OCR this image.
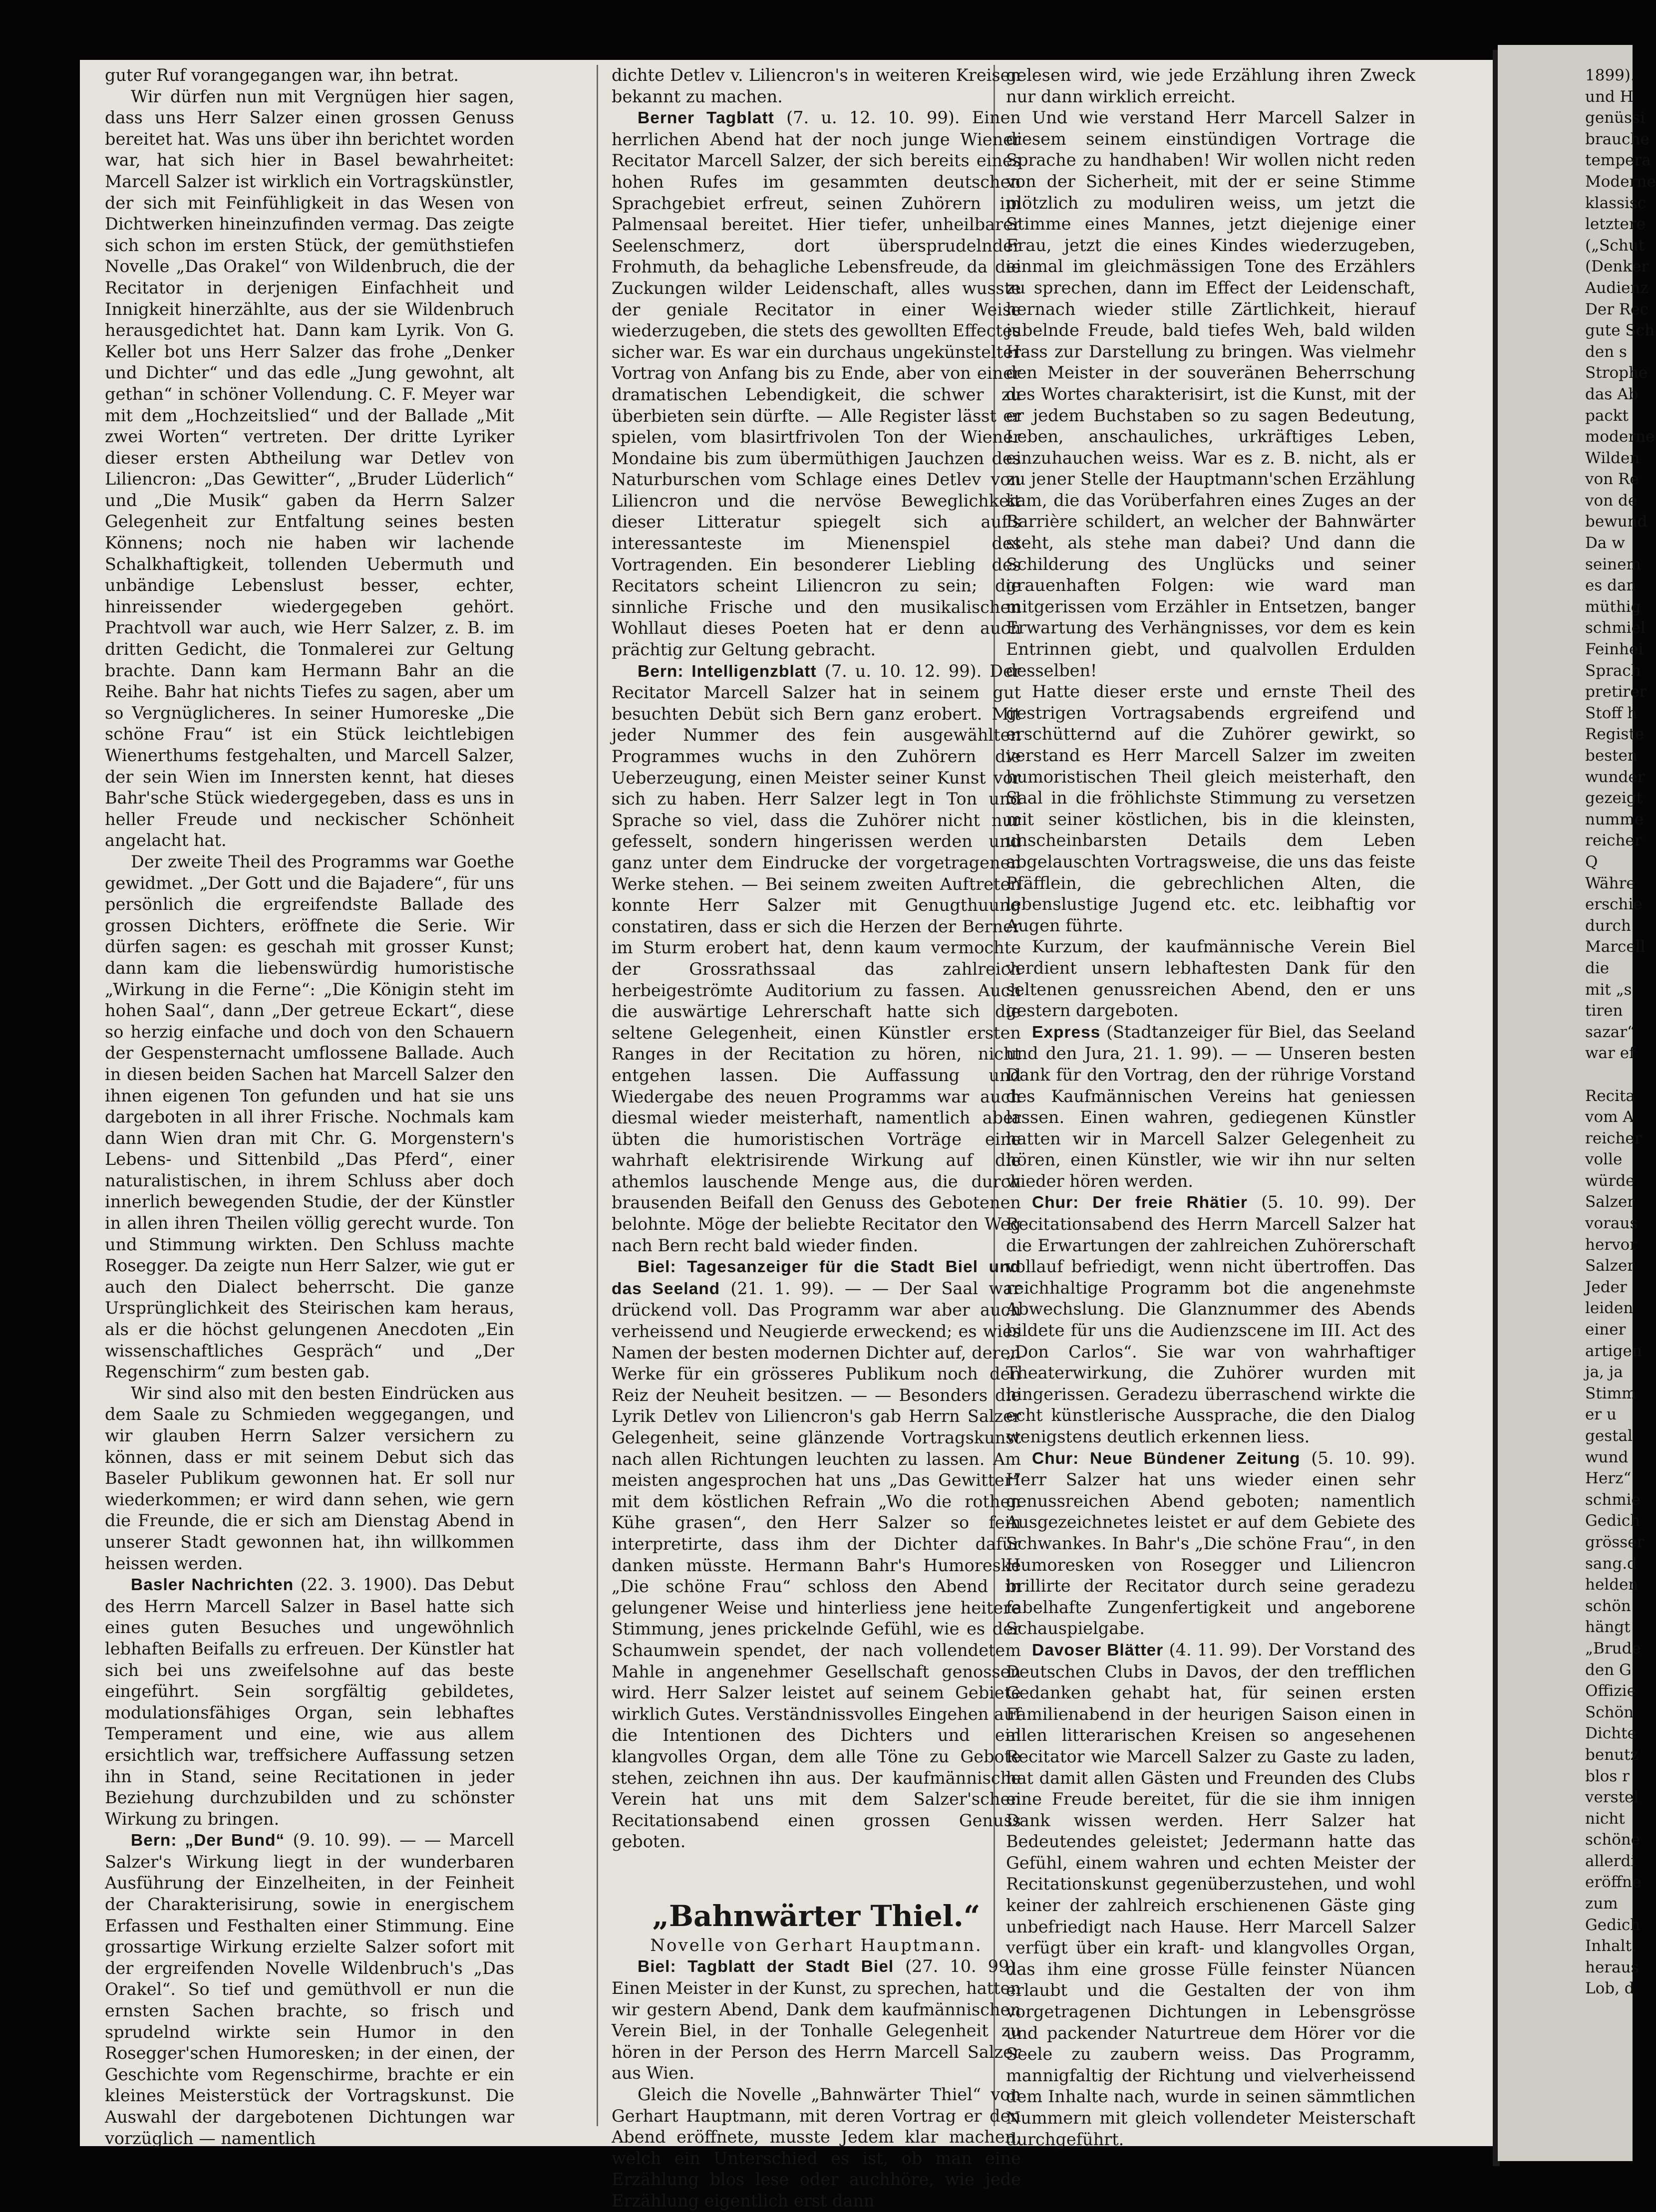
guter Ruf vorangegangen war, ihn betrat.

Wir dürfen nun mit Vergnügen hier sagen, dass uns Herr Salzer einen grossen Genuss bereitet hat. Was uns über ihn berichtet worden war, hat sich hier in Basel bewahrheitet: Marcell Salzer ist wirklich ein Vortragskünstler, der sich mit Feinfühligkeit in das Wesen von Dichtwerken hineinzufinden vermag. Das zeigte sich schon im ersten Stück, der gemüthstiefen Novelle „Das Orakel“ von Wildenbruch, die der Recitator in derjenigen Einfachheit und Innigkeit hinerzählte, aus der sie Wildenbruch herausgedichtet hat. Dann kam Lyrik. Von G. Keller bot uns Herr Salzer das frohe „Denker und Dichter“ und das edle „Jung gewohnt, alt gethan“ in schöner Vollendung. C. F. Meyer war mit dem „Hochzeitslied“ und der Ballade „Mit zwei Worten“ vertreten. Der dritte Lyriker dieser ersten Abtheilung war Detlev von Liliencron: „Das Gewitter“, „Bruder Lüderlich“ und „Die Musik“ gaben da Herrn Salzer Gelegenheit zur Entfaltung seines besten Könnens; noch nie haben wir lachende Schalkhaftigkeit, tollenden Uebermuth und unbändige Lebenslust besser, echter, hinreissender wiedergegeben gehört. Prachtvoll war auch, wie Herr Salzer, z. B. im dritten Gedicht, die Tonmalerei zur Geltung brachte. Dann kam Hermann Bahr an die Reihe. Bahr hat nichts Tiefes zu sagen, aber um so Vergnüglicheres. In seiner Humoreske „Die schöne Frau“ ist ein Stück leichtlebigen Wienerthums festgehalten, und Marcell Salzer, der sein Wien im Innersten kennt, hat dieses Bahr'sche Stück wiedergegeben, dass es uns in heller Freude und neckischer Schönheit angelacht hat.

Der zweite Theil des Programms war Goethe gewidmet. „Der Gott und die Bajadere“, für uns persönlich die ergreifendste Ballade des grossen Dichters, eröffnete die Serie. Wir dürfen sagen: es geschah mit grosser Kunst; dann kam die liebenswürdig humoristische „Wirkung in die Ferne“: „Die Königin steht im hohen Saal“, dann „Der getreue Eckart“, diese so herzig einfache und doch von den Schauern der Gespensternacht umflossene Ballade. Auch in diesen beiden Sachen hat Marcell Salzer den ihnen eigenen Ton gefunden und hat sie uns dargeboten in all ihrer Frische. Nochmals kam dann Wien dran mit Chr. G. Morgenstern's Lebens- und Sittenbild „Das Pferd“, einer naturalistischen, in ihrem Schluss aber doch innerlich bewegenden Studie, der der Künstler in allen ihren Theilen völlig gerecht wurde. Ton und Stimmung wirkten. Den Schluss machte Rosegger. Da zeigte nun Herr Salzer, wie gut er auch den Dialect beherrscht. Die ganze Ursprünglichkeit des Steirischen kam heraus, als er die höchst gelungenen Anecdoten „Ein wissenschaftliches Gespräch“ und „Der Regenschirm“ zum besten gab.

Wir sind also mit den besten Eindrücken aus dem Saale zu Schmieden weggegangen, und wir glauben Herrn Salzer versichern zu können, dass er mit seinem Debut sich das Baseler Publikum gewonnen hat. Er soll nur wiederkommen; er wird dann sehen, wie gern die Freunde, die er sich am Dienstag Abend in unserer Stadt gewonnen hat, ihn willkommen heissen werden.

Basler Nachrichten (22. 3. 1900). Das Debut des Herrn Marcell Salzer in Basel hatte sich eines guten Besuches und ungewöhnlich lebhaften Beifalls zu erfreuen. Der Künstler hat sich bei uns zweifelsohne auf das beste eingeführt. Sein sorgfältig gebildetes, modulationsfähiges Organ, sein lebhaftes Temperament und eine, wie aus allem ersichtlich war, treffsichere Auffassung setzen ihn in Stand, seine Recitationen in jeder Beziehung durchzubilden und zu schönster Wirkung zu bringen.

Bern: „Der Bund“ (9. 10. 99). — — Marcell Salzer's Wirkung liegt in der wunderbaren Ausführung der Einzelheiten, in der Feinheit der Charakterisirung, sowie in energischem Erfassen und Festhalten einer Stimmung. Eine grossartige Wirkung erzielte Salzer sofort mit der ergreifenden Novelle Wildenbruch's „Das Orakel“. So tief und gemüthvoll er nun die ernsten Sachen brachte, so frisch und sprudelnd wirkte sein Humor in den Rosegger'schen Humoresken; in der einen, der Geschichte vom Regenschirme, brachte er ein kleines Meisterstück der Vortragskunst. Die Auswahl der dargebotenen Dichtungen war vorzüglich — namentlich

dichte Detlev v. Liliencron's in weiteren Kreisen bekannt zu machen.

Berner Tagblatt (7. u. 12. 10. 99). Einen herrlichen Abend hat der noch junge Wiener Recitator Marcell Salzer, der sich bereits eines hohen Rufes im gesammten deutschen Sprachgebiet erfreut, seinen Zuhörern im Palmensaal bereitet. Hier tiefer, unheilbarer Seelenschmerz, dort übersprudelnder Frohmuth, da behagliche Lebensfreude, da die Zuckungen wilder Leidenschaft, alles wusste der geniale Recitator in einer Weise wiederzugeben, die stets des gewollten Effectes sicher war. Es war ein durchaus ungekünstelter Vortrag von Anfang bis zu Ende, aber von einer dramatischen Lebendigkeit, die schwer zu überbieten sein dürfte. — Alle Register lässt er spielen, vom blasirtfrivolen Ton der Wiener Mondaine bis zum übermüthigen Jauchzen des Naturburschen vom Schlage eines Detlev von Liliencron und die nervöse Beweglichkeit dieser Litteratur spiegelt sich auf's interessanteste im Mienenspiel des Vortragenden. Ein besonderer Liebling des Recitators scheint Liliencron zu sein; die sinnliche Frische und den musikalischen Wohllaut dieses Poeten hat er denn auch prächtig zur Geltung gebracht.

Bern: Intelligenzblatt (7. u. 10. 12. 99). Der Recitator Marcell Salzer hat in seinem gut besuchten Debüt sich Bern ganz erobert. Mit jeder Nummer des fein ausgewählten Programmes wuchs in den Zuhörern die Ueberzeugung, einen Meister seiner Kunst vor sich zu haben. Herr Salzer legt in Ton und Sprache so viel, dass die Zuhörer nicht nur gefesselt, sondern hingerissen werden und ganz unter dem Eindrucke der vorgetragenen Werke stehen. — Bei seinem zweiten Auftreten konnte Herr Salzer mit Genugthuung constatiren, dass er sich die Herzen der Berner im Sturm erobert hat, denn kaum vermochte der Grossrathssaal das zahlreich herbeigeströmte Auditorium zu fassen. Auch die auswärtige Lehrerschaft hatte sich die seltene Gelegenheit, einen Künstler ersten Ranges in der Recitation zu hören, nicht entgehen lassen. Die Auffassung und Wiedergabe des neuen Programms war auch diesmal wieder meisterhaft, namentlich aber übten die humoristischen Vorträge eine wahrhaft elektrisirende Wirkung auf die athemlos lauschende Menge aus, die durch brausenden Beifall den Genuss des Gebotenen belohnte. Möge der beliebte Recitator den Weg nach Bern recht bald wieder finden.

Biel: Tagesanzeiger für die Stadt Biel und das Seeland (21. 1. 99). — — Der Saal war drückend voll. Das Programm war aber auch verheissend und Neugierde erweckend; es wies Namen der besten modernen Dichter auf, deren Werke für ein grösseres Publikum noch den Reiz der Neuheit besitzen. — — Besonders die Lyrik Detlev von Liliencron's gab Herrn Salzer Gelegenheit, seine glänzende Vortragskunst nach allen Richtungen leuchten zu lassen. Am meisten angesprochen hat uns „Das Gewitter“ mit dem köstlichen Refrain „Wo die rothen Kühe grasen“, den Herr Salzer so fein interpretirte, dass ihm der Dichter dafür danken müsste. Hermann Bahr's Humoreske „Die schöne Frau“ schloss den Abend in gelungener Weise und hinterliess jene heitere Stimmung, jenes prickelnde Gefühl, wie es der Schaumwein spendet, der nach vollendetem Mahle in angenehmer Gesellschaft genossen wird. Herr Salzer leistet auf seinem Gebiete wirklich Gutes. Verständnissvolles Eingehen auf die Intentionen des Dichters und ein klangvolles Organ, dem alle Töne zu Gebote stehen, zeichnen ihn aus. Der kaufmännische Verein hat uns mit dem Salzer'schen Recitationsabend einen grossen Genuss geboten.

„Bahnwärter Thiel.“
Novelle von Gerhart Hauptmann.

Biel: Tagblatt der Stadt Biel (27. 10. 99). Einen Meister in der Kunst, zu sprechen, hatten wir gestern Abend, Dank dem kaufmännischen Verein Biel, in der Tonhalle Gelegenheit zu hören in der Person des Herrn Marcell Salzer aus Wien.

Gleich die Novelle „Bahnwärter Thiel“ von Gerhart Hauptmann, mit deren Vortrag er den Abend eröffnete, musste Jedem klar machen, welch ein Unterschied es ist, ob man eine Erzählung blos lese oder auchhöre, wie jede Erzählung eigentlich erst dann

gelesen wird, wie jede Erzählung ihren Zweck nur dann wirklich erreicht.

Und wie verstand Herr Marcell Salzer in diesem seinem einstündigen Vortrage die Sprache zu handhaben! Wir wollen nicht reden von der Sicherheit, mit der er seine Stimme plötzlich zu moduliren weiss, um jetzt die Stimme eines Mannes, jetzt diejenige einer Frau, jetzt die eines Kindes wiederzugeben, einmal im gleichmässigen Tone des Erzählers zu sprechen, dann im Effect der Leidenschaft, hernach wieder stille Zärtlichkeit, hierauf jubelnde Freude, bald tiefes Weh, bald wilden Hass zur Darstellung zu bringen. Was vielmehr den Meister in der souveränen Beherrschung des Wortes charakterisirt, ist die Kunst, mit der er jedem Buchstaben so zu sagen Bedeutung, Leben, anschauliches, urkräftiges Leben, einzuhauchen weiss. War es z. B. nicht, als er zu jener Stelle der Hauptmann'schen Erzählung kam, die das Vorüberfahren eines Zuges an der Barrière schildert, an welcher der Bahnwärter steht, als stehe man dabei? Und dann die Schilderung des Unglücks und seiner grauenhaften Folgen: wie ward man mitgerissen vom Erzähler in Entsetzen, banger Erwartung des Verhängnisses, vor dem es kein Entrinnen giebt, und qualvollen Erdulden desselben!

Hatte dieser erste und ernste Theil des gestrigen Vortragsabends ergreifend und erschütternd auf die Zuhörer gewirkt, so verstand es Herr Marcell Salzer im zweiten humoristischen Theil gleich meisterhaft, den Saal in die fröhlichste Stimmung zu versetzen mit seiner köstlichen, bis in die kleinsten, unscheinbarsten Details dem Leben abgelauschten Vortragsweise, die uns das feiste Pfäfflein, die gebrechlichen Alten, die lebenslustige Jugend etc. etc. leibhaftig vor Augen führte.

Kurzum, der kaufmännische Verein Biel verdient unsern lebhaftesten Dank für den seltenen genussreichen Abend, den er uns gestern dargeboten.

Express (Stadtanzeiger für Biel, das Seeland und den Jura, 21. 1. 99). — — Unseren besten Dank für den Vortrag, den der rührige Vorstand des Kaufmännischen Vereins hat geniessen lassen. Einen wahren, gediegenen Künstler hatten wir in Marcell Salzer Gelegenheit zu hören, einen Künstler, wie wir ihn nur selten wieder hören werden.

Chur: Der freie Rhätier (5. 10. 99). Der Recitationsabend des Herrn Marcell Salzer hat die Erwartungen der zahlreichen Zuhörerschaft vollauf befriedigt, wenn nicht übertroffen. Das reichhaltige Programm bot die angenehmste Abwechslung. Die Glanznummer des Abends bildete für uns die Audienzscene im III. Act des „Don Carlos“. Sie war von wahrhaftiger Theaterwirkung, die Zuhörer wurden mit hingerissen. Geradezu überraschend wirkte die echt künstlerische Aussprache, die den Dialog wenigstens deutlich erkennen liess.

Chur: Neue Bündener Zeitung (5. 10. 99). Herr Salzer hat uns wieder einen sehr genussreichen Abend geboten; namentlich Ausgezeichnetes leistet er auf dem Gebiete des Schwankes. In Bahr's „Die schöne Frau“, in den Humoresken von Rosegger und Liliencron brillirte der Recitator durch seine geradezu fabelhafte Zungenfertigkeit und angeborene Schauspielgabe.

Davoser Blätter (4. 11. 99). Der Vorstand des Deutschen Clubs in Davos, der den trefflichen Gedanken gehabt hat, für seinen ersten Familienabend in der heurigen Saison einen in allen litterarischen Kreisen so angesehenen Recitator wie Marcell Salzer zu Gaste zu laden, hat damit allen Gästen und Freunden des Clubs eine Freude bereitet, für die sie ihm innigen Dank wissen werden. Herr Salzer hat Bedeutendes geleistet; Jedermann hatte das Gefühl, einem wahren und echten Meister der Recitationskunst gegenüberzustehen, und wohl keiner der zahlreich erschienenen Gäste ging unbefriedigt nach Hause. Herr Marcell Salzer verfügt über ein kraft- und klangvolles Organ, das ihm eine grosse Fülle feinster Nüancen erlaubt und die Gestalten der von ihm vorgetragenen Dichtungen in Lebensgrösse und packender Naturtreue dem Hörer vor die Seele zu zaubern weiss. Das Programm, mannigfaltig der Richtung und vielverheissend dem Inhalte nach, wurde in seinen sämmtlichen Nummern mit gleich vollendeter Meisterschaft durchgeführt.

1899).
und H
genüssi
brauche
tempera
Moderne
klassisc
letztere
(„Schut
(Denker
Audienz
Der Rec
gute Sch
den s
Strophe
das Ab
packt
moderne
Wilden
von Re
von de
bewund
Da w
seinem
es dan
müthig
schmiel
Feinhei
Sprach
pretirer
Stoff h
Registe
besten
wunder
gezeigt
numme
reicher
Q
Währe
erschie
durch
Marcell
die
mit „s
tiren
sazar“
war ef
Recita
vom A
reicher
volle
würde
Salzer
voraus
hervor
Salzer
Jeder
leiden
einer
artigen
ja, ja
Stimm
er u
gestal
wund
Herz“
schmie
Gedich
grösser
sang.d
helden
schön
hängt
„Brude
den G
Offizie
Schön
Dichte
benutz
blos r
verstel
nicht
schöne
allerdi
eröffne
zum
Gedich
Inhalt.
heraus
Lob, d
